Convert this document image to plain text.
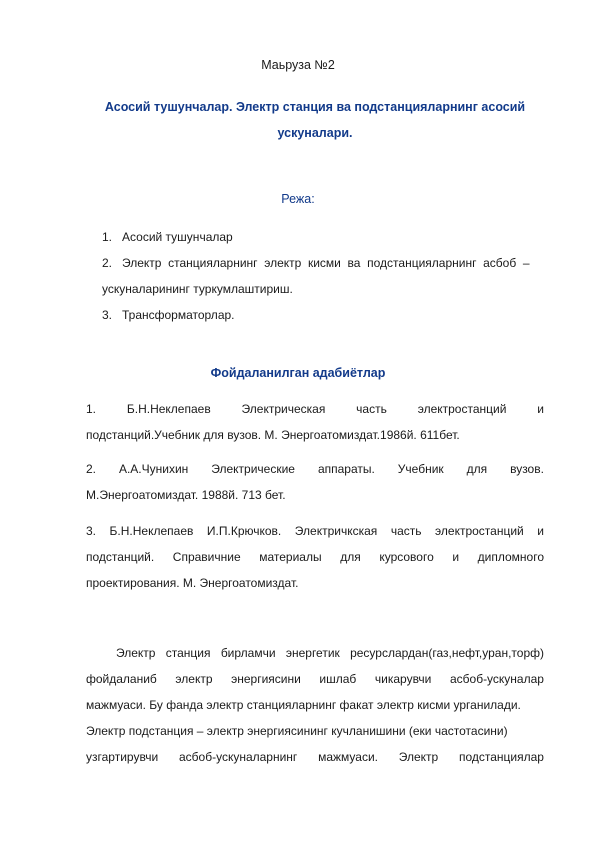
Маьруза №2
Асосий тушунчалар. Электр станция ва подстанцияларнинг асосий
ускуналари.
Режа:
1. Асосий тушунчалар
2. Электр  станцияларнинг  электр  кисми  ва  подстанцияларнинг  асбоб  –
ускуналарининг туркумлаштириш.
3. Трансформаторлар.
Фойдаланилган адабиётлар
1.	Б.Н.Неклепаев	Электрическая	часть	электростанций	и
подстанций.Учебник для вузов. М. Энергоатомиздат.1986й. 611бет.
2. А.А.Чунихин Электрические аппараты. Учебник для вузов.
М.Энергоатомиздат. 1988й. 713 бет.
3. Б.Н.Неклепаев И.П.Крючков. Электричкская часть электростанций и
подстанций. Справичние материалы для курсового и дипломного
проектирования. М. Энергоатомиздат.
Электр станция бирламчи энергетик ресурслардан(газ,нефт,уран,торф)
фойдаланиб электр энергиясини ишлаб чикарувчи асбоб-ускуналар
мажмуаси. Бу фанда электр станцияларнинг факат электр кисми урганилади.
Электр подстанция – электр энергиясининг кучланишини (еки частотасини)
узгартирувчи асбоб-ускуналарнинг мажмуаси. Электр подстанциялар
